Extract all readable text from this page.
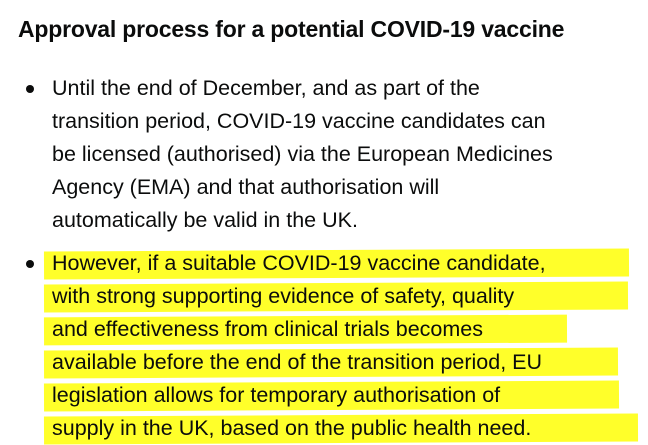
Approval process for a potential COVID-19 vaccine
Until the end of December, and as part of the
transition period, COVID-19 vaccine candidates can
be licensed (authorised) via the European Medicines
Agency (EMA) and that authorisation will
automatically be valid in the UK.
However, if a suitable COVID-19 vaccine candidate,
with strong supporting evidence of safety, quality
and effectiveness from clinical trials becomes
available before the end of the transition period, EU
legislation allows for temporary authorisation of
supply in the UK, based on the public health need.
